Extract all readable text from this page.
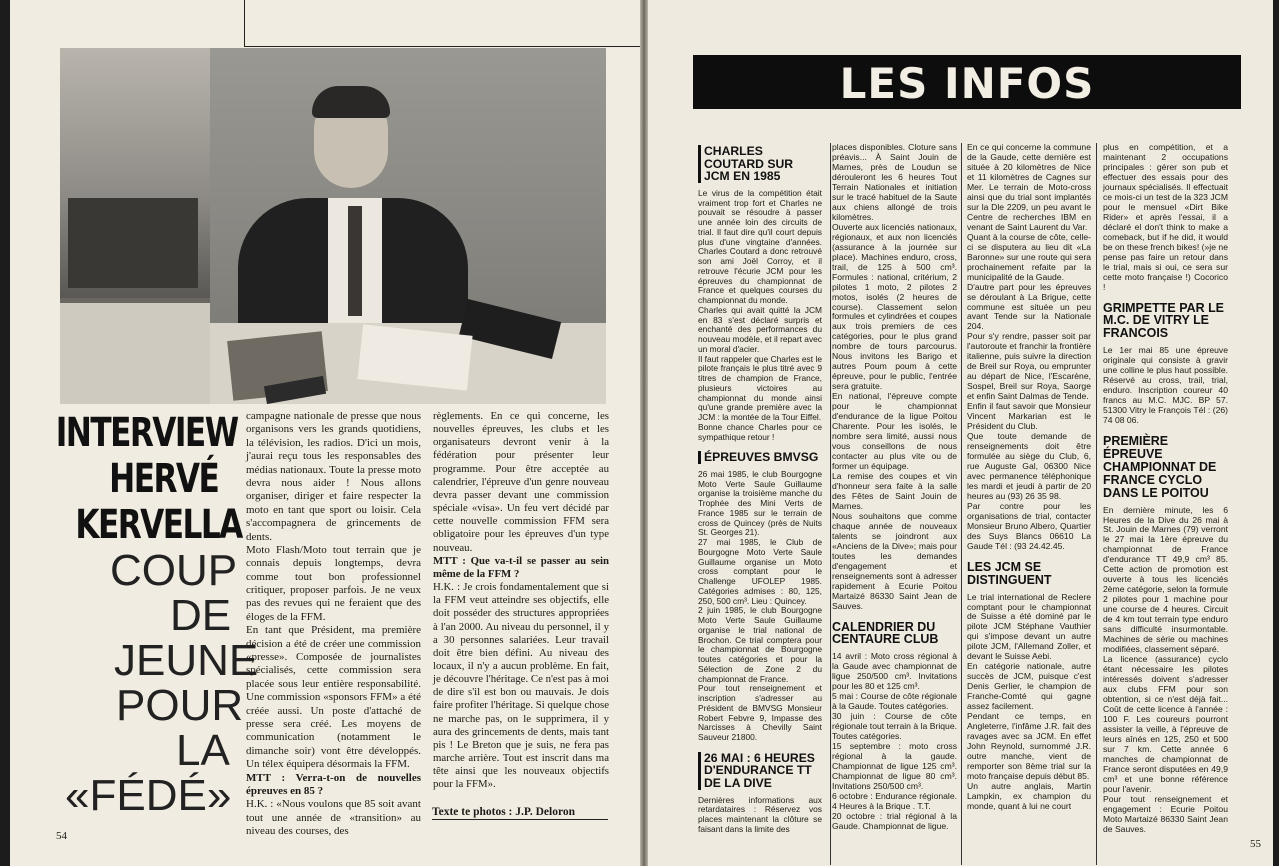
INTERVIEW
HERVÉ
KERVELLA
COUP
DE
JEUNE
POUR
LA
«FÉDÉ»

campagne nationale de presse que nous organisons vers les grands quotidiens, la télévision, les radios. D'ici un mois, j'aurai reçu tous les responsables des médias nationaux. Toute la presse moto devra nous aider ! Nous allons organiser, diriger et faire respecter la moto en tant que sport ou loisir. Cela s'accompagnera de grincements de dents.

Moto Flash/Moto tout terrain que je connais depuis longtemps, devra comme tout bon professionnel critiquer, proposer parfois. Je ne veux pas des revues qui ne feraient que des éloges de la FFM.

En tant que Président, ma première décision a été de créer une commission «presse». Composée de journalistes spécialisés, cette commission sera placée sous leur entière responsabilité. Une commission «sponsors FFM» a été créée aussi. Un poste d'attaché de presse sera créé. Les moyens de communication (notamment le dimanche soir) vont être développés. Un télex équipera désormais la FFM.

MTT : Verra-t-on de nouvelles épreuves en 85 ?

H.K. : «Nous voulons que 85 soit avant tout une année de «transition» au niveau des courses, des

règlements. En ce qui concerne, les nouvelles épreuves, les clubs et les organisateurs devront venir à la fédération pour présenter leur programme. Pour être acceptée au calendrier, l'épreuve d'un genre nouveau devra passer devant une commission spéciale «visa». Un feu vert décidé par cette nouvelle commission FFM sera obligatoire pour les épreuves d'un type nouveau.

MTT : Que va-t-il se passer au sein même de la FFM ?

H.K. : Je crois fondamentalement que si la FFM veut atteindre ses objectifs, elle doit posséder des structures appropriées à l'an 2000. Au niveau du personnel, il y a 30 personnes salariées. Leur travail doit être bien défini. Au niveau des locaux, il n'y a aucun problème. En fait, je découvre l'héritage. Ce n'est pas à moi de dire s'il est bon ou mauvais. Je dois faire profiter l'héritage. Si quelque chose ne marche pas, on le supprimera, il y aura des grincements de dents, mais tant pis ! Le Breton que je suis, ne fera pas marche arrière. Tout est inscrit dans ma tête ainsi que les nouveaux objectifs pour la FFM».

Texte te photos : J.P. Deloron
54
LES INFOS
CHARLES COUTARD SUR JCM EN 1985

Le virus de la compétition était vraiment trop fort et Charles ne pouvait se résoudre à passer une année loin des circuits de trial. Il faut dire qu'il court depuis plus d'une vingtaine d'années. Charles Coutard a donc retrouvé son ami Joël Corroy, et il retrouve l'écurie JCM pour les épreuves du championnat de France et quelques courses du championnat du monde.

Charles qui avait quitté la JCM en 83 s'est déclaré surpris et enchanté des performances du nouveau modèle, et il repart avec un moral d'acier.

Il faut rappeler que Charles est le pilote français le plus titré avec 9 titres de champion de France, plusieurs victoires au championnat du monde ainsi qu'une grande première avec la JCM : la montée de la Tour Eiffel.

Bonne chance Charles pour ce sympathique retour !

ÉPREUVES BMVSG

26 mai 1985, le club Bourgogne Moto Verte Saule Guillaume organise la troisième manche du Trophée des Mini Verts de France 1985 sur le terrain de cross de Quincey (près de Nuits St. Georges 21).

27 mai 1985, le Club de Bourgogne Moto Verte Saule Guillaume organise un Moto cross comptant pour le Challenge UFOLEP 1985. Catégories admises : 80, 125, 250, 500 cm³. Lieu : Quincey.

2 juin 1985, le club Bourgogne Moto Verte Saule Guillaume organise le trial national de Brochon. Ce trial comptera pour le championnat de Bourgogne toutes catégories et pour la Sélection de Zone 2 du championnat de France.

Pour tout renseignement et inscription s'adresser au Président de BMVSG Monsieur Robert Febvre 9, Impasse des Narcisses à Chevilly Saint Sauveur 21800.

26 MAI : 6 HEURES D'ENDURANCE TT DE LA DIVE

Dernières informations aux retardataires : Réservez vos places maintenant la clôture se faisant dans la limite des

places disponibles. Cloture sans préavis... À Saint Jouin de Marnes, près de Loudun se dérouleront les 6 heures Tout Terrain Nationales et initiation sur le tracé habituel de la Saute aux chiens allongé de trois kilomètres.

Ouverte aux licenciés nationaux, régionaux, et aux non licenciés (assurance à la journée sur place). Machines enduro, cross, trail, de 125 à 500 cm³. Formules : national, critérium, 2 pilotes 1 moto, 2 pilotes 2 motos, isolés (2 heures de course). Classement selon formules et cylindrées et coupes aux trois premiers de ces catégories, pour le plus grand nombre de tours parcourus. Nous invitons les Barigo et autres Poum poum à cette épreuve, pour le public, l'entrée sera gratuite.

En national, l'épreuve compte pour le championnat d'endurance de la ligue Poitou Charente. Pour les isolés, le nombre sera limité, aussi nous vous conseillons de nous contacter au plus vite ou de former un équipage.

La remise des coupes et vin d'honneur sera faite à la salle des Fêtes de Saint Jouin de Marnes.

Nous souhaitons que comme chaque année de nouveaux talents se joindront aux «Anciens de la Dive»; mais pour toutes les demandes d'engagement et renseignements sont à adresser rapidement à Ecurie Poitou Martaizé 86330 Saint Jean de Sauves.

CALENDRIER DU CENTAURE CLUB

14 avril : Moto cross régional à la Gaude avec championnat de ligue 250/500 cm³. Invitations pour les 80 et 125 cm³.

5 mai : Course de côte régionale à la Gaude. Toutes catégories.

30 juin : Course de côte régionale tout terrain à la Brique. Toutes catégories.

15 septembre : moto cross régional à la gaude. Championnat de ligue 125 cm³. Championnat de ligue 80 cm³. Invitations 250/500 cm³.

6 octobre : Endurance régionale. 4 Heures à la Brique . T.T.

20 octobre : trial régional à la Gaude. Championnat de ligue.

En ce qui concerne la commune de la Gaude, cette dernière est située à 20 kilomètres de Nice et 11 kilomètres de Cagnes sur Mer. Le terrain de Moto-cross ainsi que du trial sont implantés sur la Dle 2209, un peu avant le Centre de recherches IBM en venant de Saint Laurent du Var.

Quant à la course de côte, celle-ci se disputera au lieu dit «La Baronne» sur une route qui sera prochainement refaite par la municipalité de la Gaude.

D'autre part pour les épreuves se déroulant à La Brigue, cette commune est située un peu avant Tende sur la Nationale 204.

Pour s'y rendre, passer soit par l'autoroute et franchir la frontière italienne, puis suivre la direction de Breil sur Roya, ou emprunter au départ de Nice, l'Escarène, Sospel, Breil sur Roya, Saorge et enfin Saint Dalmas de Tende.

Enfin il faut savoir que Monsieur Vincent Markarian est le Président du Club.

Que toute demande de renseignements doit être formulée au siège du Club, 6, rue Auguste Gal, 06300 Nice avec permanence téléphonique les mardi et jeudi à partir de 20 heures au (93) 26 35 98.

Par contre pour les organisations de trial, contacter Monsieur Bruno Albero, Quartier des Suys Blancs 06610 La Gaude Tél : (93 24.42.45.

LES JCM SE DISTINGUENT

Le trial international de Reclere comptant pour le championnat de Suisse a été dominé par le pilote JCM Stéphane Vauthier qui s'impose devant un autre pilote JCM, l'Allemand Zoller, et devant le Suisse Aebi.

En catégorie nationale, autre succès de JCM, puisque c'est Denis Gerlier, le champion de Franche-Comté qui gagne assez facilement.

Pendant ce temps, en Angleterre, l'infâme J.R. fait des ravages avec sa JCM. En effet John Reynold, surnommé J.R. outre manche, vient de remporter son 8ème trial sur la moto française depuis début 85.

Un autre anglais, Martin Lampkin, ex champion du monde, quant à lui ne court

plus en compétition, et a maintenant 2 occupations principales : gérer son pub et effectuer des essais pour des journaux spécialisés. Il effectuait ce mois-ci un test de la 323 JCM pour le mensuel «Dirt Bike Rider» et après l'essai, il a déclaré el don't think to make a comeback, but if he did, it would be on these french bikes! (»je ne pense pas faire un retour dans le trial, mais si oui, ce sera sur cette moto française !) Cocorico !

GRIMPETTE PAR LE M.C. DE VITRY LE FRANCOIS

Le 1er mai 85 une épreuve originale qui consiste à gravir une colline le plus haut possible. Réservé au cross, trail, trial, enduro. Inscription coureur 40 francs au M.C. MJC. BP 57. 51300 Vitry le François Tél : (26) 74 08 06.

PREMIÈRE ÉPREUVE CHAMPIONNAT DE FRANCE CYCLO DANS LE POITOU

En dernière minute, les 6 Heures de la Dive du 26 mai à St. Jouin de Marnes (79) verront le 27 mai la 1ère épreuve du championnat de France d'endurance TT 49,9 cm³ 85. Cette action de promotion est ouverte à tous les licenciés 2ème catégorie, selon la formule 2 pilotes pour 1 machine pour une course de 4 heures. Circuit de 4 km tout terrain type enduro sans difficulté insurmontable. Machines de série ou machines modifiées, classement séparé.

La licence (assurance) cyclo étant nécessaire les pilotes intéressés doivent s'adresser aux clubs FFM pour son obtention, si ce n'est déjà fait... Coût de cette licence à l'année : 100 F. Les coureurs pourront assister la veille, à l'épreuve de leurs aînés en 125, 250 et 500 sur 7 km. Cette année 6 manches de championnat de France seront disputées en 49,9 cm³ et une bonne référence pour l'avenir.

Pour tout renseignement et engagement : Ecurie Poitou Moto Martaizé 86330 Saint Jean de Sauves.

55
